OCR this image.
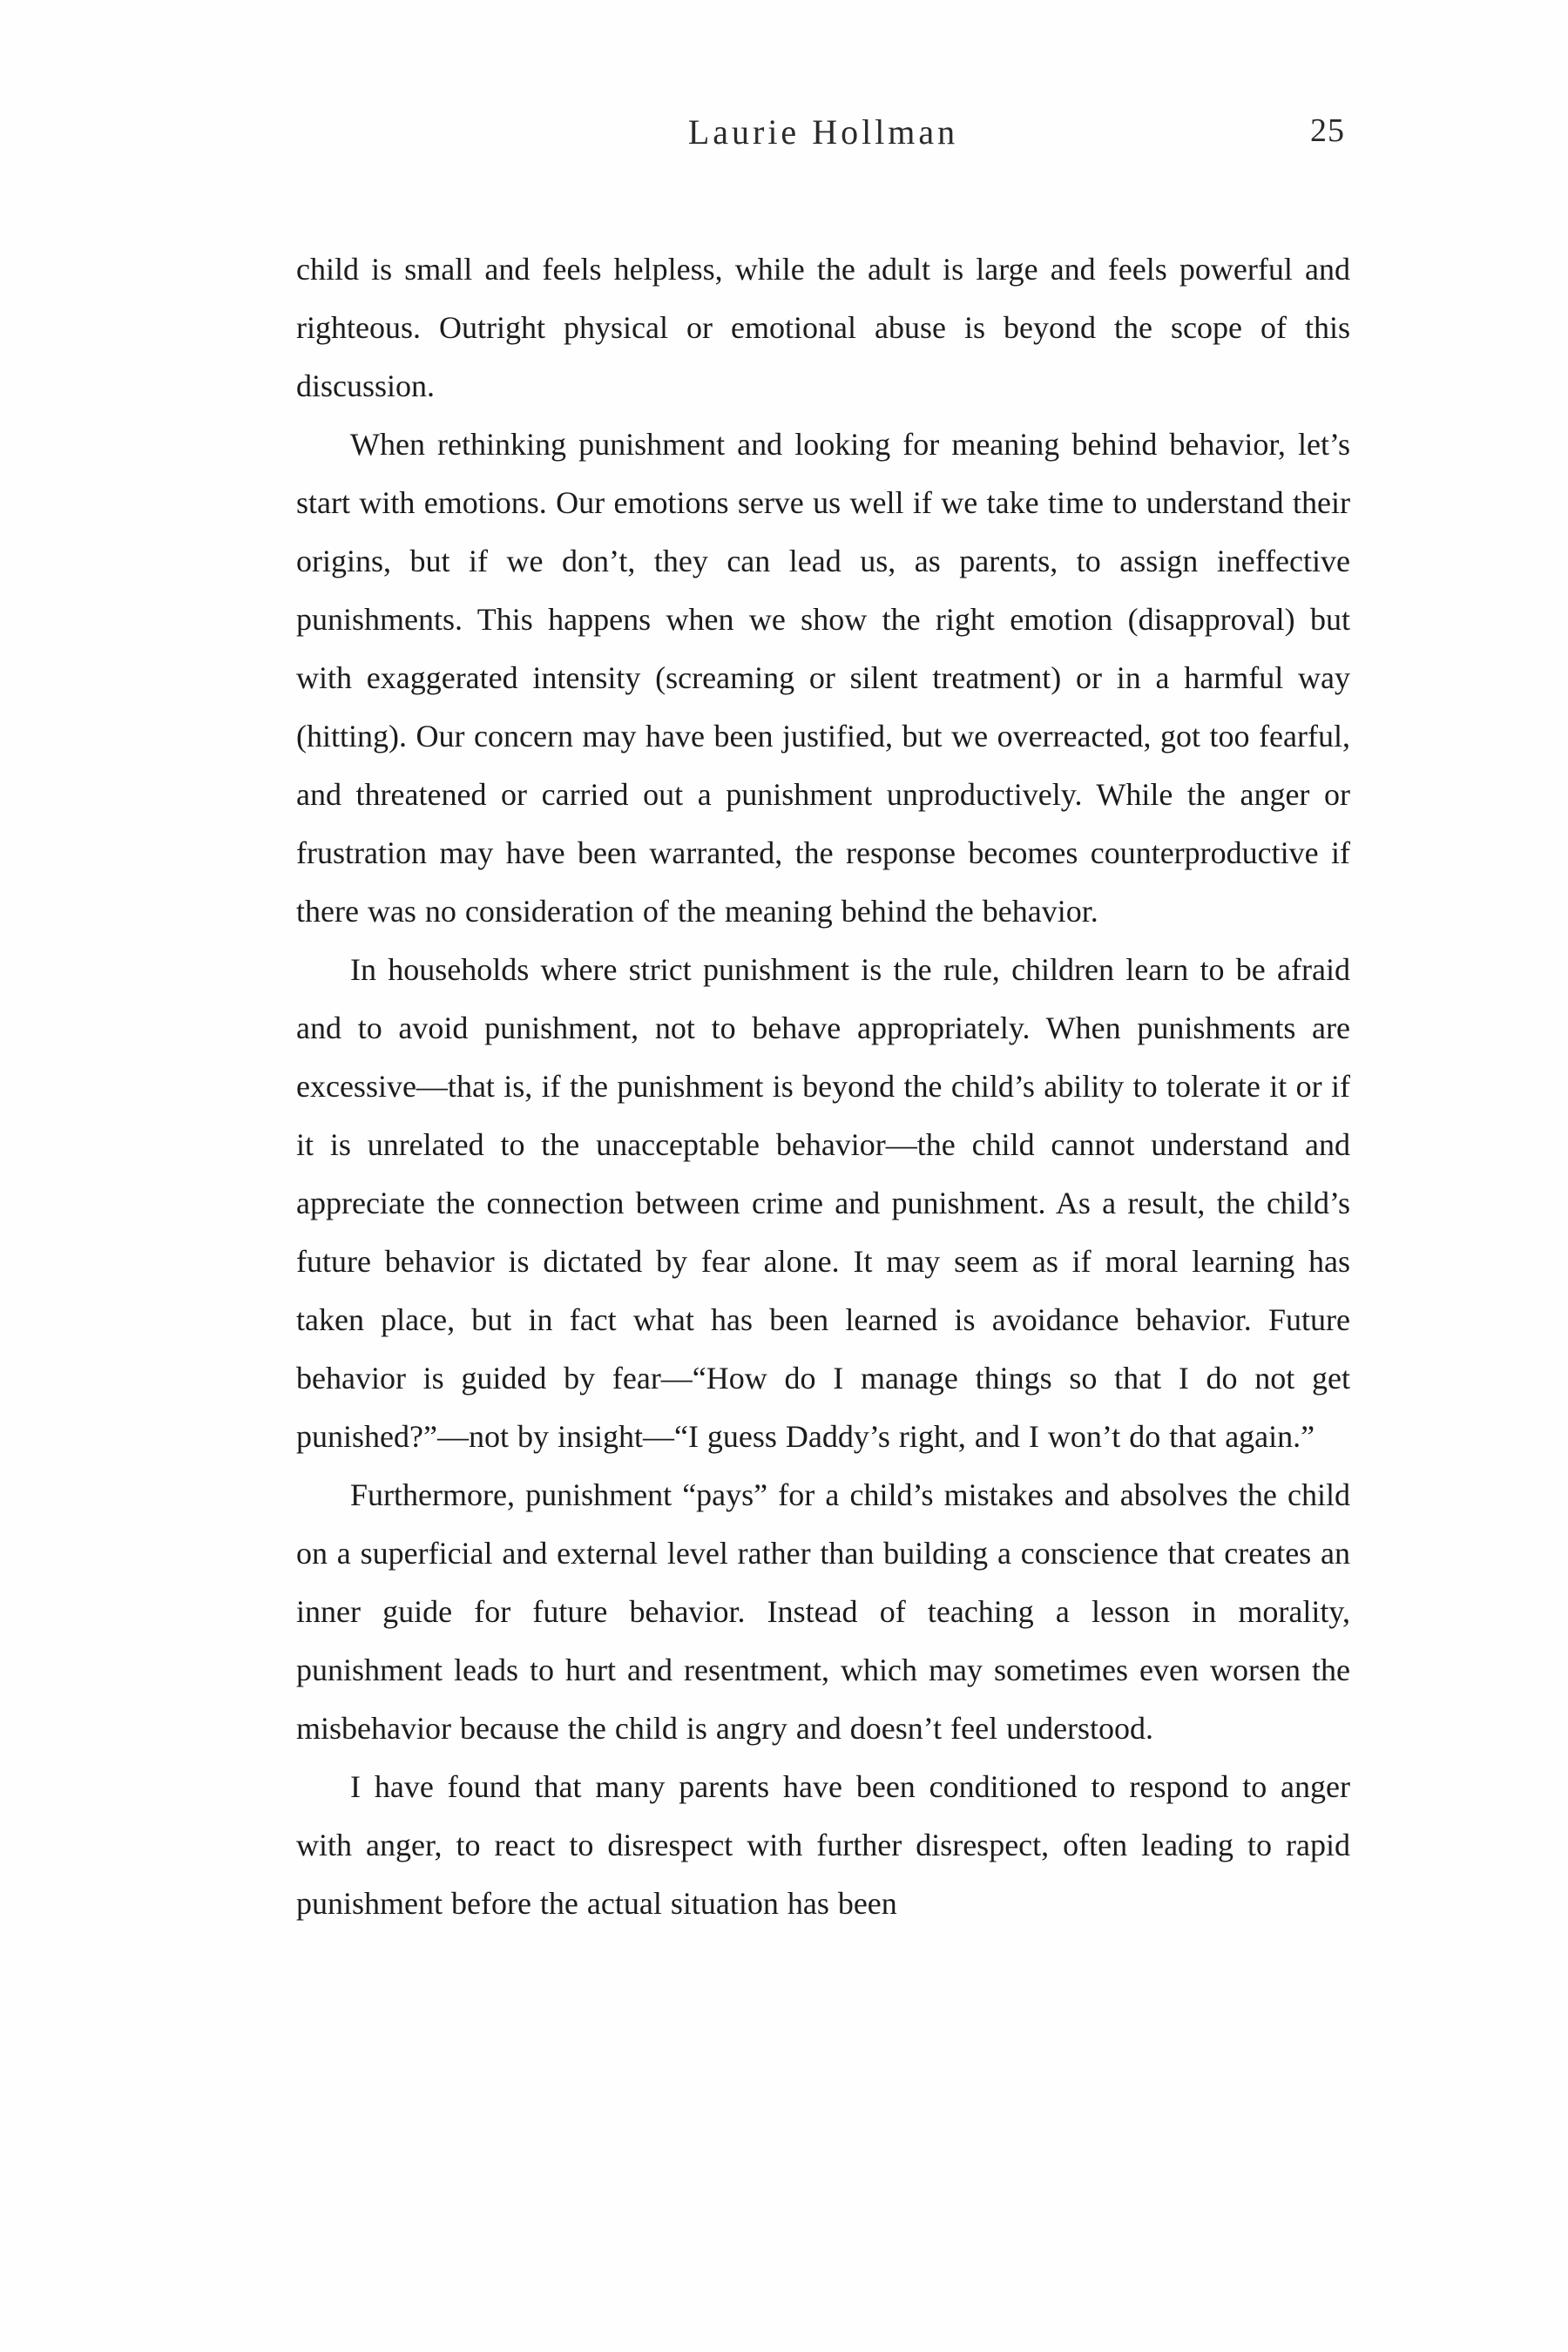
Laurie Hollman	25

child is small and feels helpless, while the adult is large and feels powerful and righteous. Outright physical or emotional abuse is beyond the scope of this discussion.

When rethinking punishment and looking for meaning behind behavior, let’s start with emotions. Our emotions serve us well if we take time to understand their origins, but if we don’t, they can lead us, as parents, to assign ineffective punishments. This happens when we show the right emotion (disapproval) but with exaggerated intensity (screaming or silent treatment) or in a harmful way (hitting). Our concern may have been justified, but we overreacted, got too fearful, and threatened or carried out a punishment unproductively. While the anger or frustration may have been warranted, the response becomes counterproductive if there was no consideration of the meaning behind the behavior.

In households where strict punishment is the rule, children learn to be afraid and to avoid punishment, not to behave appropriately. When punishments are excessive—that is, if the punishment is beyond the child’s ability to tolerate it or if it is unrelated to the unacceptable behavior—the child cannot understand and appreciate the connection between crime and punishment. As a result, the child’s future behavior is dictated by fear alone. It may seem as if moral learning has taken place, but in fact what has been learned is avoidance behavior. Future behavior is guided by fear—“How do I manage things so that I do not get punished?”—not by insight—“I guess Daddy’s right, and I won’t do that again.”

Furthermore, punishment “pays” for a child’s mistakes and absolves the child on a superficial and external level rather than building a conscience that creates an inner guide for future behavior. Instead of teaching a lesson in morality, punishment leads to hurt and resentment, which may sometimes even worsen the misbehavior because the child is angry and doesn’t feel understood.

I have found that many parents have been conditioned to respond to anger with anger, to react to disrespect with further disrespect, often leading to rapid punishment before the actual situation has been
